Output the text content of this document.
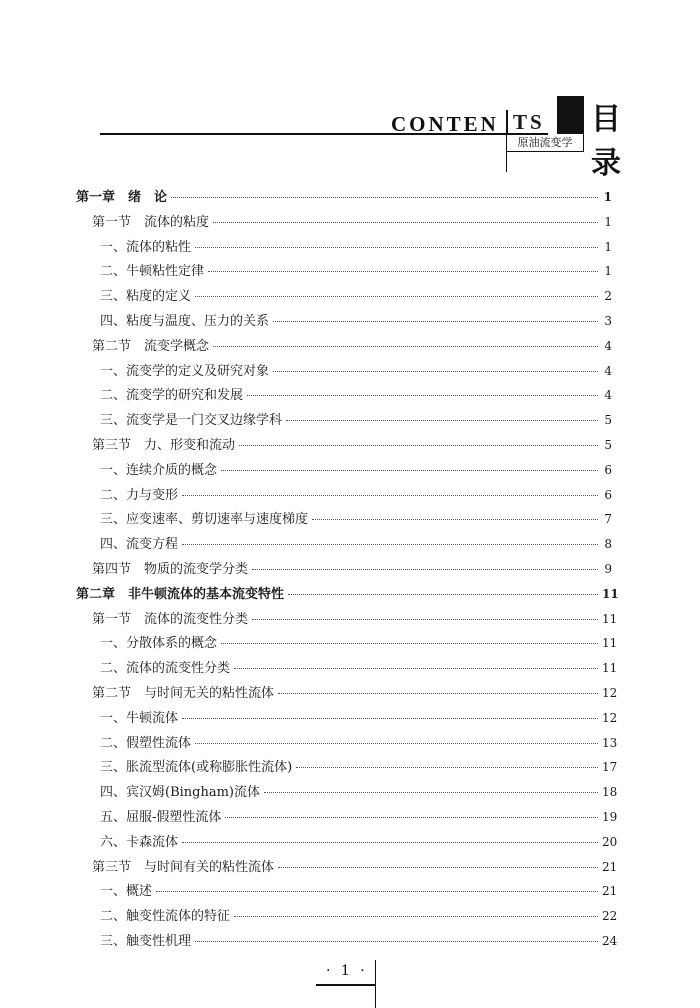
CONTEN TS
原油流变学
目
录
第一章　绪　论	1
第一节　流体的粘度	1
一、流体的粘性	1
二、牛顿粘性定律	1
三、粘度的定义	2
四、粘度与温度、压力的关系	3
第二节　流变学概念	4
一、流变学的定义及研究对象	4
二、流变学的研究和发展	4
三、流变学是一门交叉边缘学科	5
第三节　力、形变和流动	5
一、连续介质的概念	6
二、力与变形	6
三、应变速率、剪切速率与速度梯度	7
四、流变方程	8
第四节　物质的流变学分类	9
第二章　非牛顿流体的基本流变特性	11
第一节　流体的流变性分类	11
一、分散体系的概念	11
二、流体的流变性分类	11
第二节　与时间无关的粘性流体	12
一、牛顿流体	12
二、假塑性流体	13
三、胀流型流体(或称膨胀性流体)	17
四、宾汉姆(Bingham)流体	18
五、屈服-假塑性流体	19
六、卡森流体	20
第三节　与时间有关的粘性流体	21
一、概述	21
二、触变性流体的特征	22
三、触变性机理	24
· 1 ·
